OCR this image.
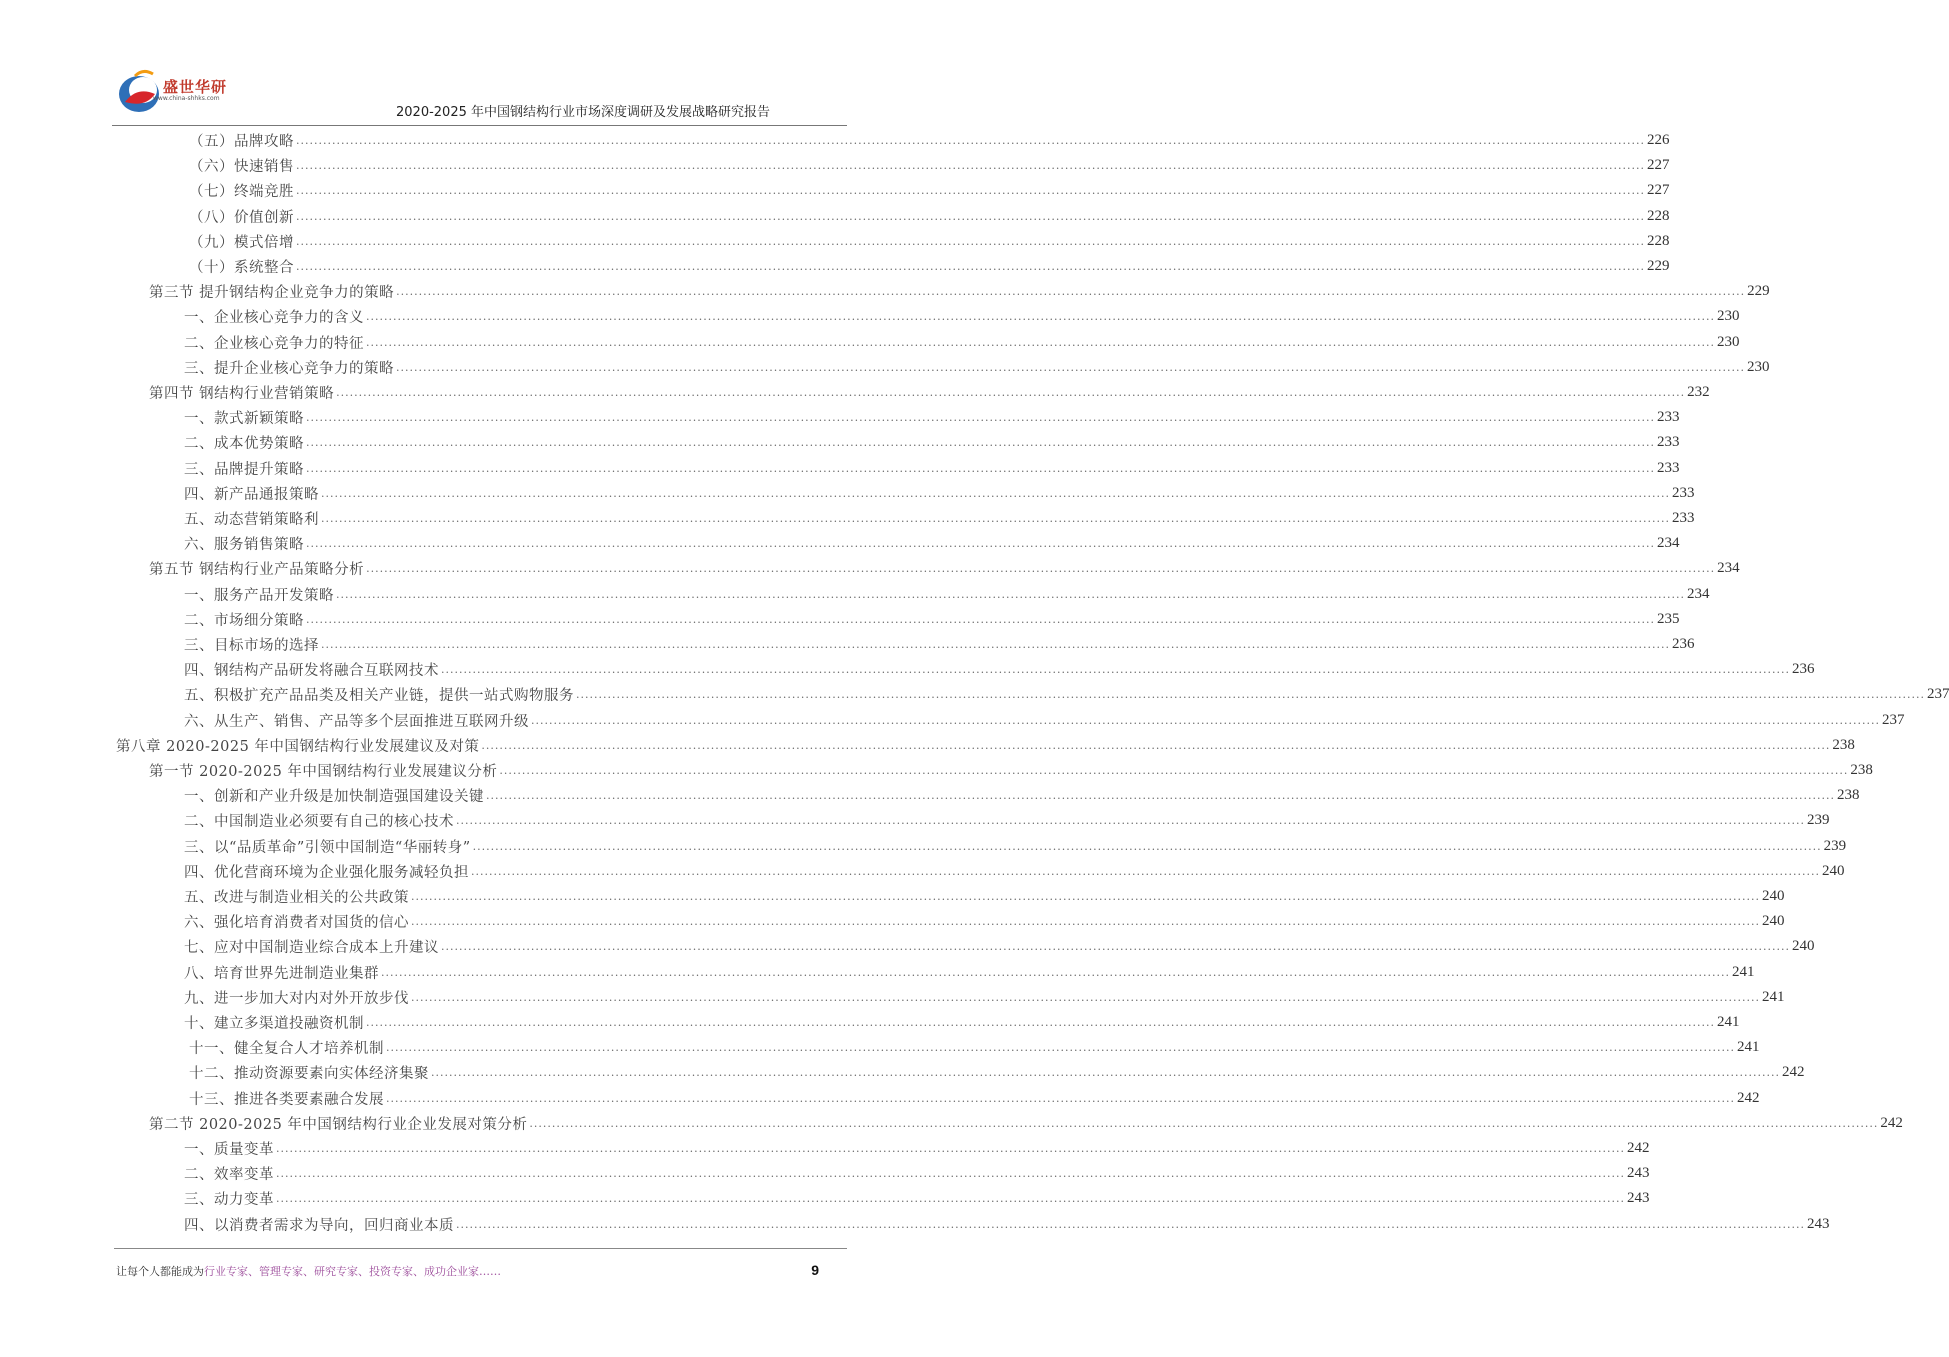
盛世华研
www.china-shhks.com
2020-2025 年中国钢结构行业市场深度调研及发展战略研究报告
（五）品牌攻略 ............................................................................................................................................................................................................................................................................................................ 226
（六）快速销售 ............................................................................................................................................................................................................................................................................................................ 227
（七）终端竞胜 ............................................................................................................................................................................................................................................................................................................ 227
（八）价值创新 ............................................................................................................................................................................................................................................................................................................ 228
（九）模式倍增 ............................................................................................................................................................................................................................................................................................................ 228
（十）系统整合 ............................................................................................................................................................................................................................................................................................................ 229
第三节 提升钢结构企业竞争力的策略 ............................................................................................................................................................................................................................................................................................................ 229
一、企业核心竞争力的含义 ............................................................................................................................................................................................................................................................................................................ 230
二、企业核心竞争力的特征 ............................................................................................................................................................................................................................................................................................................ 230
三、提升企业核心竞争力的策略 ............................................................................................................................................................................................................................................................................................................ 230
第四节 钢结构行业营销策略 ............................................................................................................................................................................................................................................................................................................ 232
一、款式新颖策略 ............................................................................................................................................................................................................................................................................................................ 233
二、成本优势策略 ............................................................................................................................................................................................................................................................................................................ 233
三、品牌提升策略 ............................................................................................................................................................................................................................................................................................................ 233
四、新产品通报策略 ............................................................................................................................................................................................................................................................................................................ 233
五、动态营销策略利 ............................................................................................................................................................................................................................................................................................................ 233
六、服务销售策略 ............................................................................................................................................................................................................................................................................................................ 234
第五节 钢结构行业产品策略分析 ............................................................................................................................................................................................................................................................................................................ 234
一、服务产品开发策略 ............................................................................................................................................................................................................................................................................................................ 234
二、市场细分策略 ............................................................................................................................................................................................................................................................................................................ 235
三、目标市场的选择 ............................................................................................................................................................................................................................................................................................................ 236
四、钢结构产品研发将融合互联网技术 ............................................................................................................................................................................................................................................................................................................ 236
五、积极扩充产品品类及相关产业链，提供一站式购物服务 ............................................................................................................................................................................................................................................................................................................ 237
六、从生产、销售、产品等多个层面推进互联网升级 ............................................................................................................................................................................................................................................................................................................ 237
第八章 2020-2025 年中国钢结构行业发展建议及对策 ............................................................................................................................................................................................................................................................................................................ 238
第一节 2020-2025 年中国钢结构行业发展建议分析 ............................................................................................................................................................................................................................................................................................................ 238
一、创新和产业升级是加快制造强国建设关键 ............................................................................................................................................................................................................................................................................................................ 238
二、中国制造业必须要有自己的核心技术 ............................................................................................................................................................................................................................................................................................................ 239
三、以“品质革命”引领中国制造“华丽转身” ............................................................................................................................................................................................................................................................................................................ 239
四、优化营商环境为企业强化服务减轻负担 ............................................................................................................................................................................................................................................................................................................ 240
五、改进与制造业相关的公共政策 ............................................................................................................................................................................................................................................................................................................ 240
六、强化培育消费者对国货的信心 ............................................................................................................................................................................................................................................................................................................ 240
七、应对中国制造业综合成本上升建议 ............................................................................................................................................................................................................................................................................................................ 240
八、培育世界先进制造业集群 ............................................................................................................................................................................................................................................................................................................ 241
九、进一步加大对内对外开放步伐 ............................................................................................................................................................................................................................................................................................................ 241
十、建立多渠道投融资机制 ............................................................................................................................................................................................................................................................................................................ 241
十一、健全复合人才培养机制 ............................................................................................................................................................................................................................................................................................................ 241
十二、推动资源要素向实体经济集聚 ............................................................................................................................................................................................................................................................................................................ 242
十三、推进各类要素融合发展 ............................................................................................................................................................................................................................................................................................................ 242
第二节 2020-2025 年中国钢结构行业企业发展对策分析 ............................................................................................................................................................................................................................................................................................................ 242
一、质量变革 ............................................................................................................................................................................................................................................................................................................ 242
二、效率变革 ............................................................................................................................................................................................................................................................................................................ 243
三、动力变革 ............................................................................................................................................................................................................................................................................................................ 243
四、以消费者需求为导向，回归商业本质 ............................................................................................................................................................................................................................................................................................................ 243
让每个人都能成为行业专家、管理专家、研究专家、投资专家、成功企业家……	9
